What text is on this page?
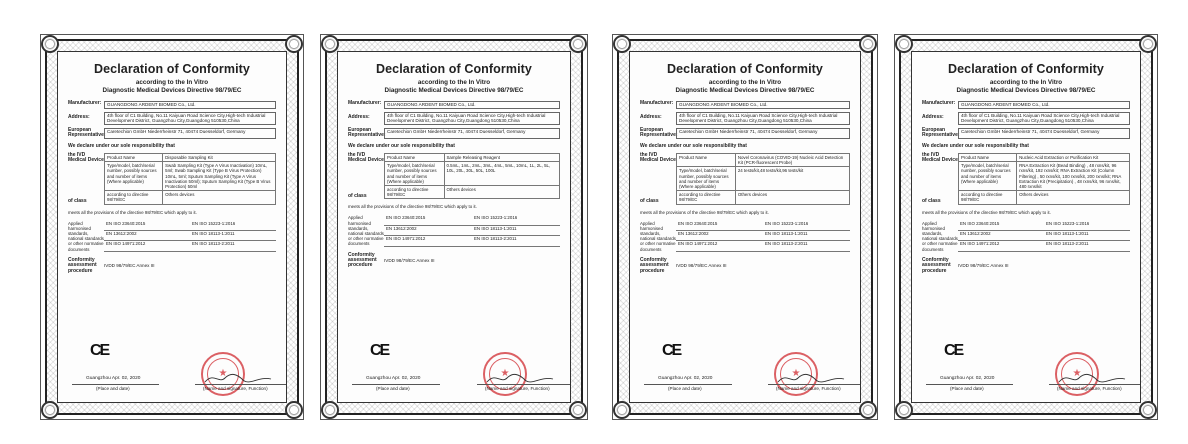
Declaration of Conformity
according to the In Vitro
Diagnostic Medical Devices Directive 98/79/EC
Manufacturer:	GUANGDONG ARDENT BIOMED Co., Ltd.
Address:	4th floor of C1 Building, No.11 Kaiyuan Road Science City,High-tech Industrial Development District, Guangzhou City,Guangdong 510530,China
European Representative:
Caretechion GmbH Niederrheinstr 71, 40474 Duesseldorf, Germany
We declare under our sole responsibility that
the IVD Medical Device
of class
Product Name	Disposable Sampling Kit
Type/model, batch/serial number, possibly sources and number of items (Where applicable)	Swab Sampling Kit (Type A Virus Inactivation) 10mL, 5ml; Swab Sampling Kit (Type B Virus Protection) 10mL, 5ml; Sputum Sampling Kit (Type A Virus Inactivation 50ml); Sputum Sampling Kit (Type B Virus Protection) 50ml
according to directive 98/79/EC	Others devices
meets all the provisions of the directive 98/79/EC which apply to it.
Applied harmonised standards, national standards or other normative documents
EN ISO 23640:2015	EN ISO 15223-1:2016
EN 13612:2002	EN ISO 18113-1:2011
EN ISO 14971:2012	EN ISO 18113-2:2011
Conformity assessment procedure
IVDD 98/79/EC Annex III
CE
★
Guangzhou Apr. 02, 2020
(Place and date)	(Name and signature, Function)
Declaration of Conformity
according to the In Vitro
Diagnostic Medical Devices Directive 98/79/EC
Manufacturer:	GUANGDONG ARDENT BIOMED Co., Ltd.
Address:	4th floor of C1 Building, No.11 Kaiyuan Road Science City,High-tech Industrial Development District, Guangzhou City,Guangdong 510530,China
European Representative:
Caretechion GmbH Niederrheinstr 71, 40474 Duesseldorf, Germany
We declare under our sole responsibility that
the IVD Medical Device
of class
Product Name	Sample Releasing Reagent
Type/model, batch/serial number, possibly sources and number of items (Where applicable)	0.5mL, 1mL, 2mL, 3mL, 4mL, 5mL, 10mL, 1L, 2L, 5L, 10L, 20L, 30L, 50L, 100L
according to directive 98/79/EC	Others devices
meets all the provisions of the directive 98/79/EC which apply to it.
Applied harmonised standards, national standards or other normative documents
EN ISO 23640:2015	EN ISO 15223-1:2016
EN 13612:2002	EN ISO 18113-1:2011
EN ISO 14971:2012	EN ISO 18113-2:2011
Conformity assessment procedure
IVDD 98/79/EC Annex III
CE
★
Guangzhou Apr. 02, 2020
(Place and date)	(Name and signature, Function)
Declaration of Conformity
according to the In Vitro
Diagnostic Medical Devices Directive 98/79/EC
Manufacturer:	GUANGDONG ARDENT BIOMED Co., Ltd.
Address:	4th floor of C1 Building, No.11 Kaiyuan Road Science City,High-tech Industrial Development District, Guangzhou City,Guangdong 510530,China
European Representative:
Caretechion GmbH Niederrheinstr 71, 40474 Duesseldorf, Germany
We declare under our sole responsibility that
the IVD Medical Device
of class
Product Name	Novel Coronavirus (COVID-19) Nucleic Acid Detection Kit (PCR-fluorescent Probe)
Type/model, batch/serial number, possibly sources and number of items (Where applicable)	24 tests/kit,48 tests/kit,96 tests/kit
according to directive 98/79/EC	Others devices
meets all the provisions of the directive 98/79/EC which apply to it.
Applied harmonised standards, national standards or other normative documents
EN ISO 23640:2015	EN ISO 15223-1:2016
EN 13612:2002	EN ISO 18113-1:2011
EN ISO 14971:2012	EN ISO 18113-2:2011
Conformity assessment procedure
IVDD 98/79/EC Annex III
CE
★
Guangzhou Apr. 02, 2020
(Place and date)	(Name and signature, Function)
Declaration of Conformity
according to the In Vitro
Diagnostic Medical Devices Directive 98/79/EC
Manufacturer:	GUANGDONG ARDENT BIOMED Co., Ltd.
Address:	4th floor of C1 Building, No.11 Kaiyuan Road Science City,High-tech Industrial Development District, Guangzhou City,Guangdong 510530,China
European Representative:
Caretechion GmbH Niederrheinstr 71, 40474 Duesseldorf, Germany
We declare under our sole responsibility that
the IVD Medical Device
of class
Product Name	Nucleic Acid Extraction or Purification Kit
Type/model, batch/serial number, possibly sources and number of items (Where applicable)	RNA Extraction Kit (Bead Binding) , 48 rxns/kit, 96 rxns/kit, 192 rxns/kit; RNA Extraction Kit (Column Filtering) , 50 rxns/kit, 100 rxns/kit, 200 rxns/kit; RNA Extraction Kit (Precipitation) , 48 rxns/kit, 96 rxns/kit, 480 rxns/kit
according to directive 98/79/EC	Others devices
meets all the provisions of the directive 98/79/EC which apply to it.
Applied harmonised standards, national standards or other normative documents
EN ISO 23640:2015	EN ISO 15223-1:2016
EN 13612:2002	EN ISO 18113-1:2011
EN ISO 14971:2012	EN ISO 18113-2:2011
Conformity assessment procedure
IVDD 98/79/EC Annex III
CE
★
Guangzhou Apr. 02, 2020
(Place and date)	(Name and signature, Function)
